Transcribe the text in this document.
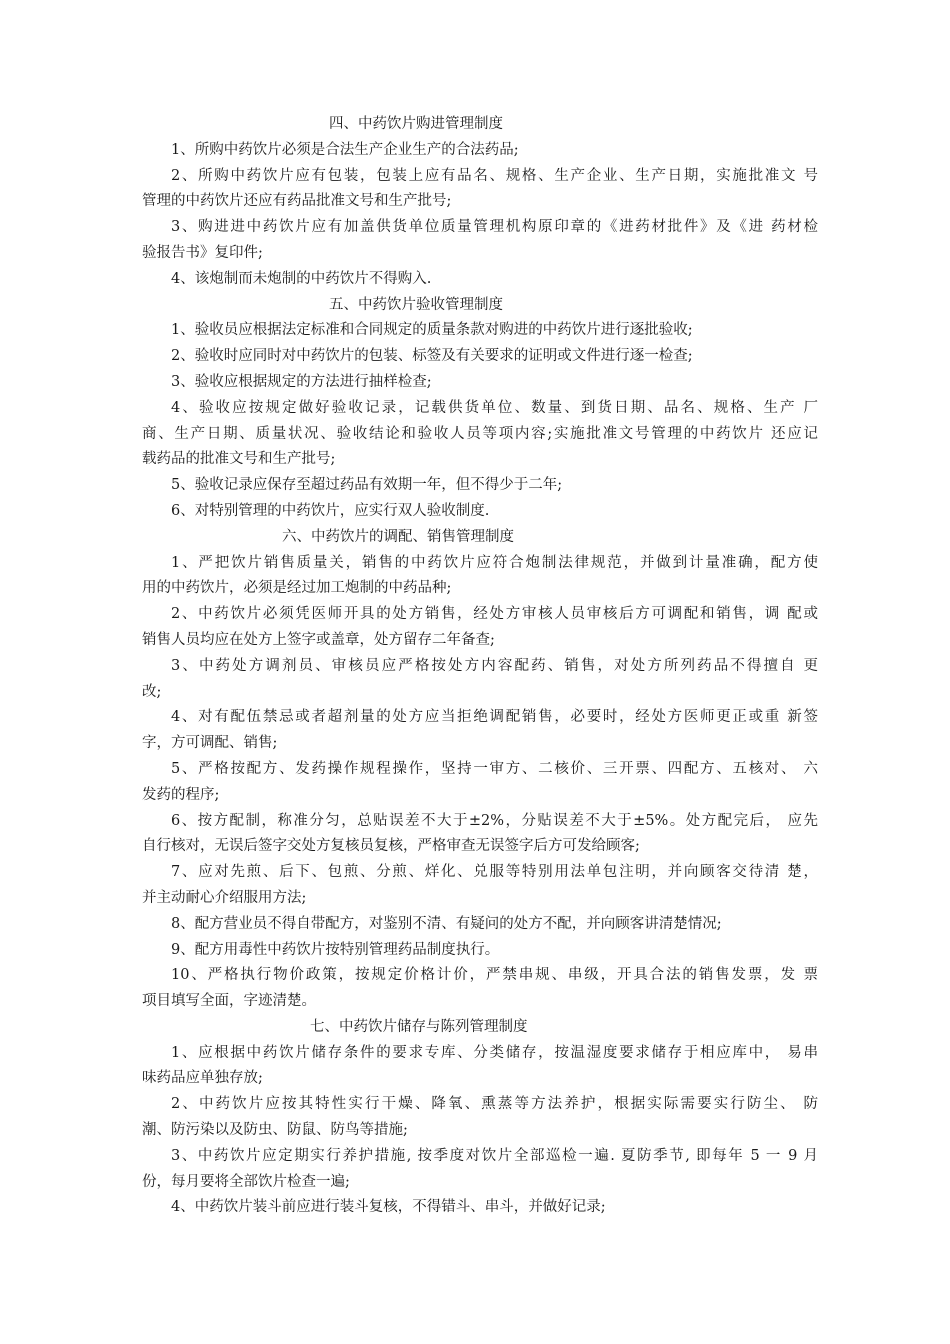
四、中药饮片购进管理制度
1、所购中药饮片必须是合法生产企业生产的合法药品;
2、所购中药饮片应有包装，包装上应有品名、规格、生产企业、生产日期，实施批准文 号
管理的中药饮片还应有药品批准文号和生产批号;
3、购进进中药饮片应有加盖供货单位质量管理机构原印章的《进药材批件》及《进 药材检
验报告书》复印件;
4、该炮制而未炮制的中药饮片不得购入.
五、中药饮片验收管理制度
1、验收员应根据法定标准和合同规定的质量条款对购进的中药饮片进行逐批验收;
2、验收时应同时对中药饮片的包装、标签及有关要求的证明或文件进行逐一检查;
3、验收应根据规定的方法进行抽样检查;
4、验收应按规定做好验收记录，记载供货单位、数量、到货日期、品名、规格、生产 厂
商、生产日期、质量状况、验收结论和验收人员等项内容;实施批准文号管理的中药饮片 还应记
载药品的批准文号和生产批号;
5、验收记录应保存至超过药品有效期一年，但不得少于二年;
6、对特别管理的中药饮片，应实行双人验收制度.
六、中药饮片的调配、销售管理制度
1、严把饮片销售质量关，销售的中药饮片应符合炮制法律规范，并做到计量准确，配方使
用的中药饮片，必须是经过加工炮制的中药品种;
2、中药饮片必须凭医师开具的处方销售，经处方审核人员审核后方可调配和销售，调 配或
销售人员均应在处方上签字或盖章，处方留存二年备查;
3、中药处方调剂员、审核员应严格按处方内容配药、销售，对处方所列药品不得擅自 更
改;
4、对有配伍禁忌或者超剂量的处方应当拒绝调配销售，必要时，经处方医师更正或重 新签
字，方可调配、销售;
5、严格按配方、发药操作规程操作，坚持一审方、二核价、三开票、四配方、五核对、 六
发药的程序;
6、按方配制，称准分匀，总贴误差不大于±2%，分贴误差不大于±5%。处方配完后， 应先
自行核对，无误后签字交处方复核员复核，严格审查无误签字后方可发给顾客;
7、应对先煎、后下、包煎、分煎、烊化、兑服等特别用法单包注明，并向顾客交待清 楚，
并主动耐心介绍服用方法;
8、配方营业员不得自带配方，对鉴别不清、有疑问的处方不配，并向顾客讲清楚情况;
9、配方用毒性中药饮片按特别管理药品制度执行。
10、严格执行物价政策，按规定价格计价，严禁串规、串级，开具合法的销售发票，发 票
项目填写全面，字迹清楚。
七、中药饮片储存与陈列管理制度
1、应根据中药饮片储存条件的要求专库、分类储存，按温湿度要求储存于相应库中， 易串
味药品应单独存放;
2、中药饮片应按其特性实行干燥、降氧、熏蒸等方法养护，根据实际需要实行防尘、 防
潮、防污染以及防虫、防鼠、防鸟等措施;
3、中药饮片应定期实行养护措施, 按季度对饮片全部巡检一遍. 夏防季节, 即每年 5 一 9 月
份，每月要将全部饮片检查一遍;
4、中药饮片装斗前应进行装斗复核，不得错斗、串斗，并做好记录;
